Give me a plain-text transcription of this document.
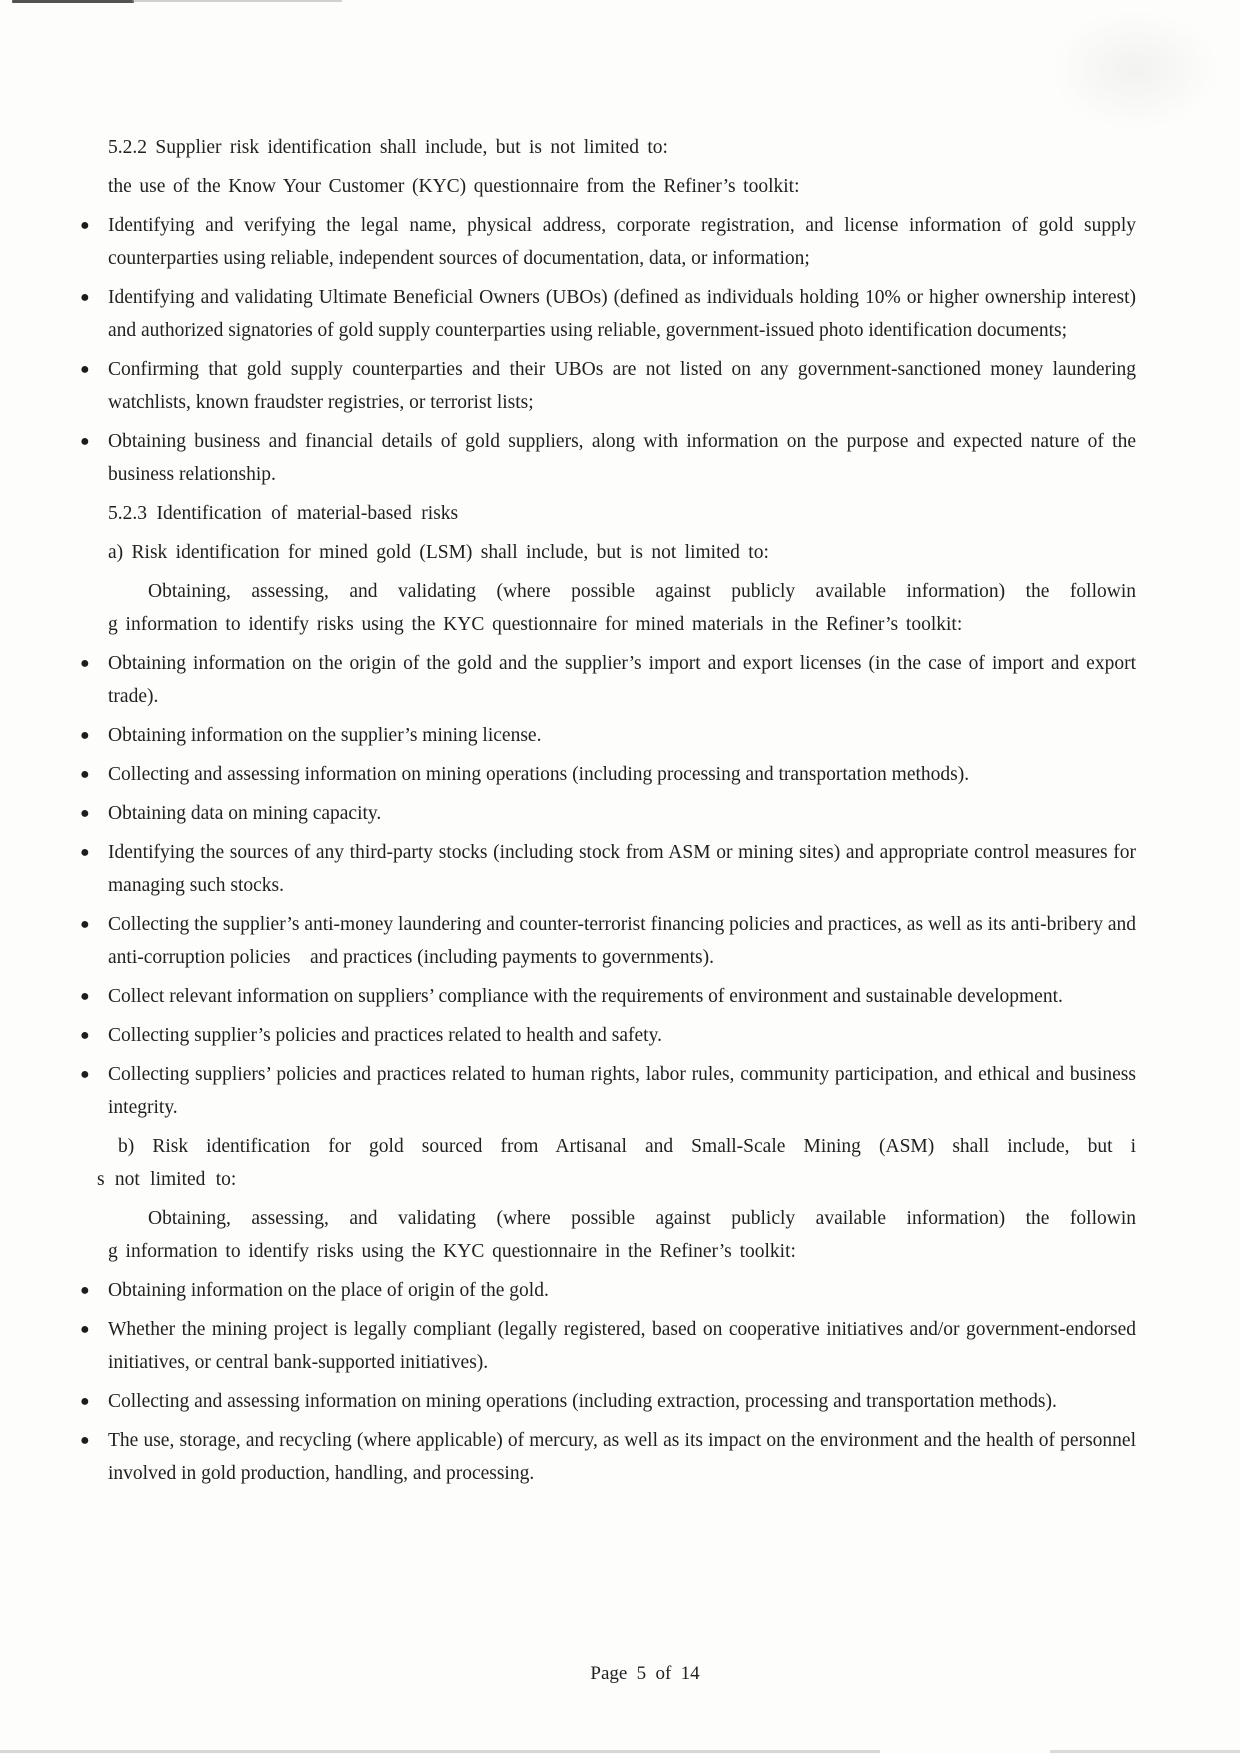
5.2.2 Supplier risk identification shall include, but is not limited to:

the use of the Know Your Customer (KYC) questionnaire from the Refiner’s toolkit:

● Identifying and verifying the legal name, physical address, corporate registration, and license information of gold supply counterparties using reliable, independent sources of documentation, data, or information;
● Identifying and validating Ultimate Beneficial Owners (UBOs) (defined as individuals holding 10% or higher ownership interest) and authorized signatories of gold supply counterparties using reliable, government-issued photo identification documents;
● Confirming that gold supply counterparties and their UBOs are not listed on any government-sanctioned money laundering watchlists, known fraudster registries, or terrorist lists;
● Obtaining business and financial details of gold suppliers, along with information on the purpose and expected nature of the business relationship.

5.2.3 Identification of material-based risks

a) Risk identification for mined gold (LSM) shall include, but is not limited to:

Obtaining, assessing, and validating (where possible against publicly available information) the followin
g information to identify risks using the KYC questionnaire for mined materials in the Refiner’s toolkit:
● Obtaining information on the origin of the gold and the supplier’s import and export licenses (in the case of import and export trade).
● Obtaining information on the supplier’s mining license.
● Collecting and assessing information on mining operations (including processing and transportation methods).
● Obtaining data on mining capacity.
● Identifying the sources of any third-party stocks (including stock from ASM or mining sites) and appropriate control measures for managing such stocks.
● Collecting the supplier’s anti-money laundering and counter-terrorist financing policies and practices, as well as its anti-bribery and anti-corruption policies    and practices (including payments to governments).
● Collect relevant information on suppliers’ compliance with the requirements of environment and sustainable development.
● Collecting supplier’s policies and practices related to health and safety.
● Collecting suppliers’ policies and practices related to human rights, labor rules, community participation, and ethical and business integrity.
b) Risk identification for gold sourced from Artisanal and Small-Scale Mining (ASM) shall include, but i
s not limited to:
Obtaining, assessing, and validating (where possible against publicly available information) the followin
g information to identify risks using the KYC questionnaire in the Refiner’s toolkit:
● Obtaining information on the place of origin of the gold.
● Whether the mining project is legally compliant (legally registered, based on cooperative initiatives and/or government-endorsed initiatives, or central bank-supported initiatives).
● Collecting and assessing information on mining operations (including extraction, processing and transportation methods).
● The use, storage, and recycling (where applicable) of mercury, as well as its impact on the environment and the health of personnel involved in gold production, handling, and processing.
Page 5 of 14
